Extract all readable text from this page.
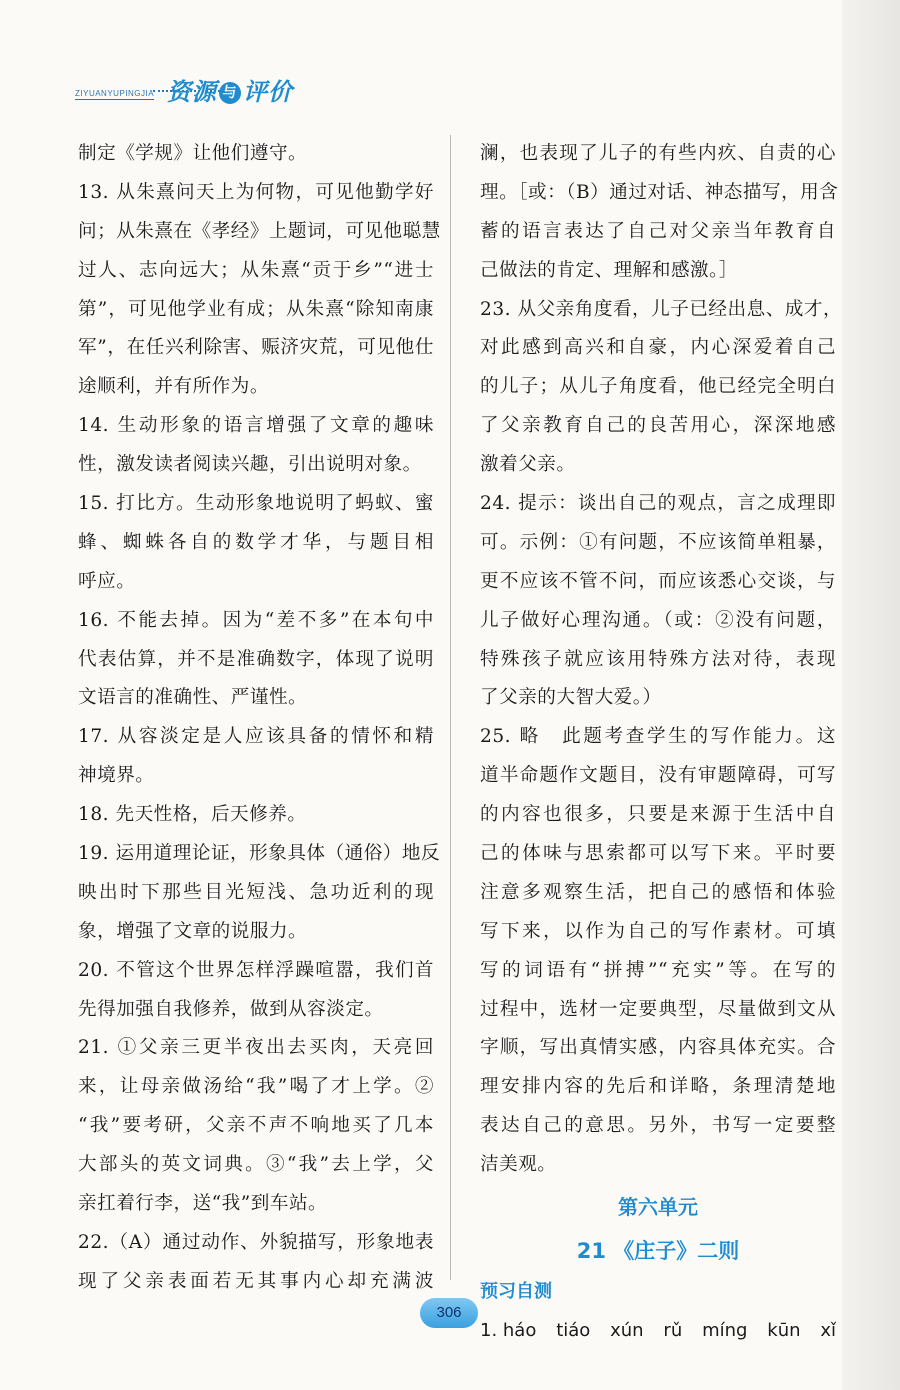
ZIYUANYUPINGJIA 资源 与 评价
制定《学规》让他们遵守。
13. 从朱熹问天上为何物，可见他勤学好
问；从朱熹在《孝经》上题词，可见他聪慧
过人、志向远大；从朱熹“贡于乡”“进士
第”，可见他学业有成；从朱熹“除知南康
军”，在任兴利除害、赈济灾荒，可见他仕
途顺利，并有所作为。
14. 生动形象的语言增强了文章的趣味
性，激发读者阅读兴趣，引出说明对象。
15. 打比方。生动形象地说明了蚂蚁、蜜
蜂、蜘蛛各自的数学才华，与题目相
呼应。
16. 不能去掉。因为“差不多”在本句中
代表估算，并不是准确数字，体现了说明
文语言的准确性、严谨性。
17. 从容淡定是人应该具备的情怀和精
神境界。
18. 先天性格，后天修养。
19. 运用道理论证，形象具体（通俗）地反
映出时下那些目光短浅、急功近利的现
象，增强了文章的说服力。
20. 不管这个世界怎样浮躁喧嚣，我们首
先得加强自我修养，做到从容淡定。
21. ①父亲三更半夜出去买肉，天亮回
来，让母亲做汤给“我”喝了才上学。②
“我”要考研，父亲不声不响地买了几本
大部头的英文词典。③“我”去上学，父
亲扛着行李，送“我”到车站。
22.（A）通过动作、外貌描写，形象地表
现了父亲表面若无其事内心却充满波
澜，也表现了儿子的有些内疚、自责的心
理。［或：（B）通过对话、神态描写，用含
蓄的语言表达了自己对父亲当年教育自
己做法的肯定、理解和感激。］
23. 从父亲角度看，儿子已经出息、成才，
对此感到高兴和自豪，内心深爱着自己
的儿子；从儿子角度看，他已经完全明白
了父亲教育自己的良苦用心，深深地感
激着父亲。
24. 提示：谈出自己的观点，言之成理即
可。示例：①有问题，不应该简单粗暴，
更不应该不管不问，而应该悉心交谈，与
儿子做好心理沟通。（或：②没有问题，
特殊孩子就应该用特殊方法对待，表现
了父亲的大智大爱。）
25. 略　此题考查学生的写作能力。这
道半命题作文题目，没有审题障碍，可写
的内容也很多，只要是来源于生活中自
己的体味与思索都可以写下来。平时要
注意多观察生活，把自己的感悟和体验
写下来，以作为自己的写作素材。可填
写的词语有“拼搏”“充实”等。在写的
过程中，选材一定要典型，尽量做到文从
字顺，写出真情实感，内容具体充实。合
理安排内容的先后和详略，条理清楚地
表达自己的意思。另外，书写一定要整
洁美观。
第六单元
21 《庄子》二则
预习自测
1. háo tiáo xún rǔ míng kūn xǐ
306
